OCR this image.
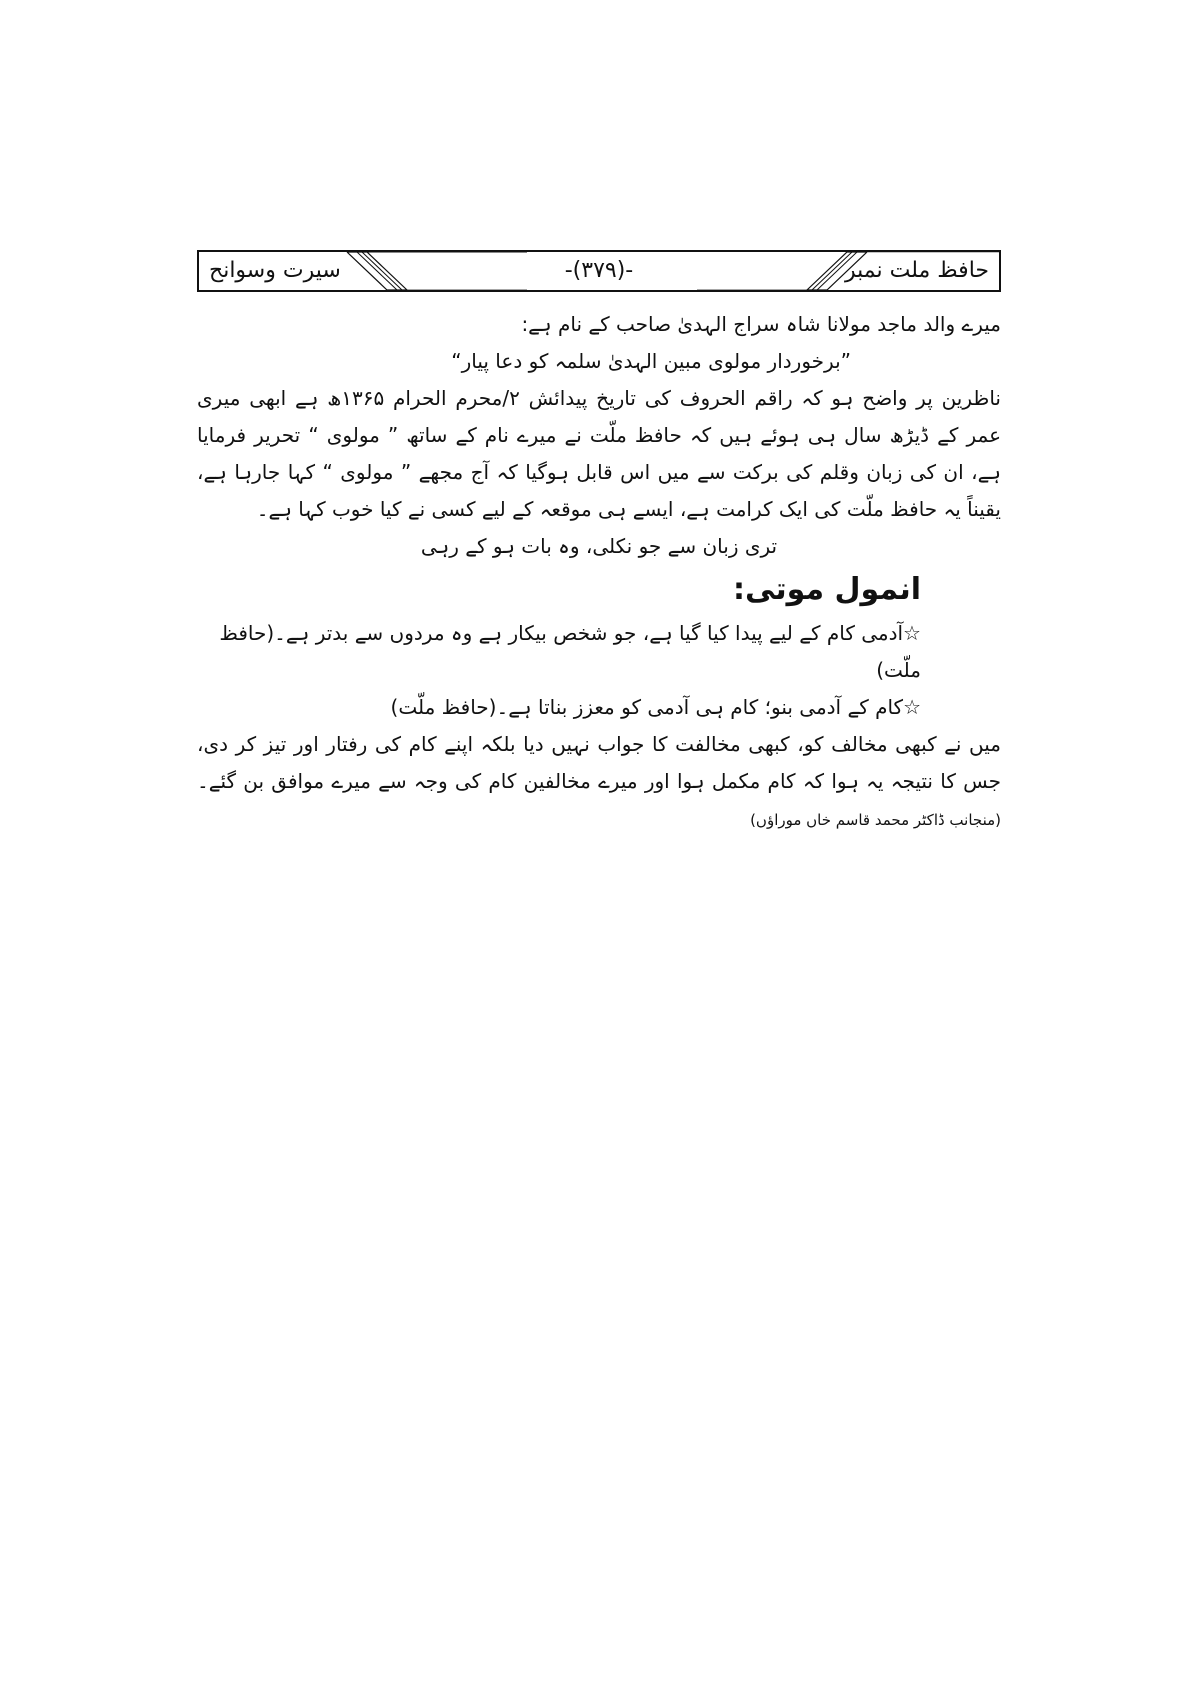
سیرت وسوانح	-(۳۷۹)-	حافظ ملت نمبر

میرے والد ماجد مولانا شاہ سراج الہدیٰ صاحب کے نام ہے:

”برخوردار مولوی مبین الہدیٰ سلمہ کو دعا پیار“

ناظرین پر واضح ہو کہ راقم الحروف کی تاریخ پیدائش ۲/محرم الحرام ۱۳۶۵ھ ہے ابھی میری عمر کے ڈیڑھ سال ہی ہوئے ہیں کہ حافظ ملّت نے میرے نام کے ساتھ ” مولوی “ تحریر فرمایا ہے، ان کی زبان وقلم کی برکت سے میں اس قابل ہوگیا کہ آج مجھے ” مولوی “ کہا جارہا ہے، یقیناً یہ حافظ ملّت کی ایک کرامت ہے، ایسے ہی موقعہ کے لیے کسی نے کیا خوب کہا ہے۔

تری زبان سے جو نکلی، وہ بات ہو کے رہی

انمول موتی:

☆آدمی کام کے لیے پیدا کیا گیا ہے، جو شخص بیکار ہے وہ مردوں سے بدتر ہے۔(حافظ ملّت)

☆کام کے آدمی بنو؛ کام ہی آدمی کو معزز بناتا ہے۔(حافظ ملّت)

میں نے کبھی مخالف کو، کبھی مخالفت کا جواب نہیں دیا بلکہ اپنے کام کی رفتار اور تیز کر دی، جس کا نتیجہ یہ ہوا کہ کام مکمل ہوا اور میرے مخالفین کام کی وجہ سے میرے موافق بن گئے۔ (منجانب ڈاکٹر محمد قاسم خاں موراؤں)
